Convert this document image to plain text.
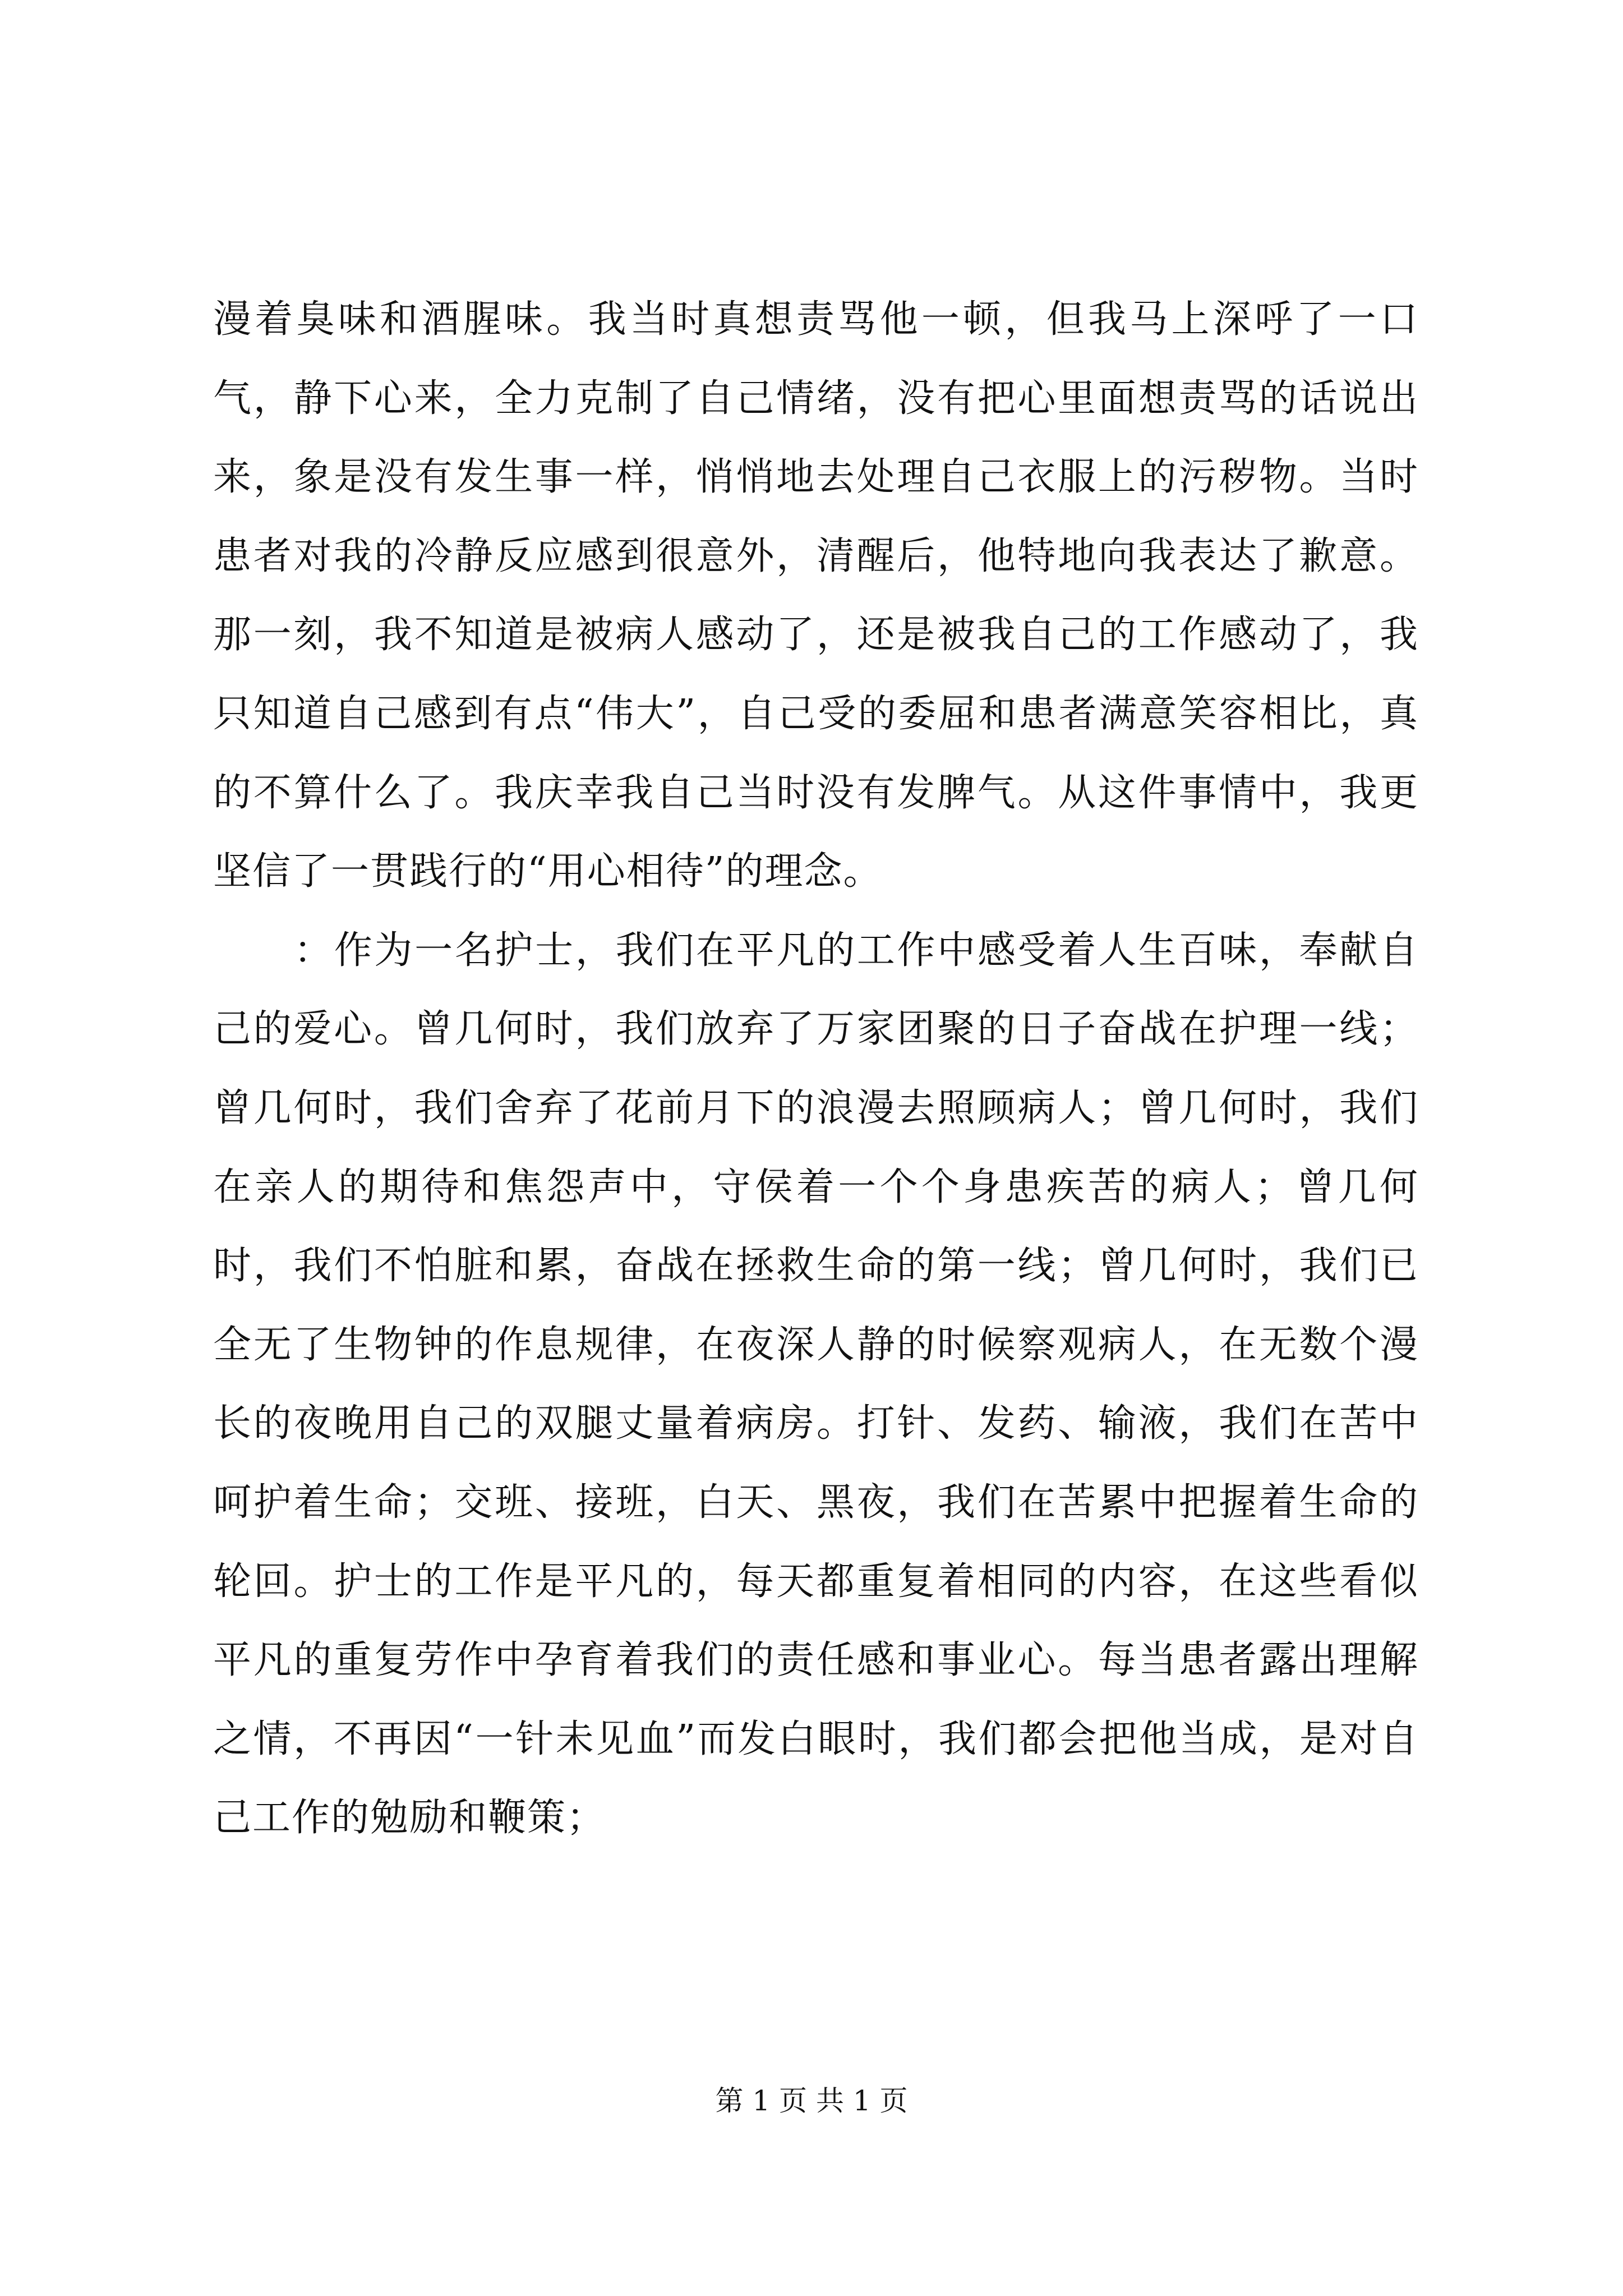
漫着臭味和酒腥味。我当时真想责骂他一顿，但我马上深呼了一口气，静下心来，全力克制了自己情绪，没有把心里面想责骂的话说出来，象是没有发生事一样，悄悄地去处理自己衣服上的污秽物。当时患者对我的冷静反应感到很意外，清醒后，他特地向我表达了歉意。那一刻，我不知道是被病人感动了，还是被我自己的工作感动了，我只知道自己感到有点“伟大”，自己受的委屈和患者满意笑容相比，真的不算什么了。我庆幸我自己当时没有发脾气。从这件事情中，我更坚信了一贯践行的“用心相待”的理念。

：作为一名护士，我们在平凡的工作中感受着人生百味，奉献自己的爱心。曾几何时，我们放弃了万家团聚的日子奋战在护理一线；曾几何时，我们舍弃了花前月下的浪漫去照顾病人；曾几何时，我们在亲人的期待和焦怨声中，守侯着一个个身患疾苦的病人；曾几何时，我们不怕脏和累，奋战在拯救生命的第一线；曾几何时，我们已全无了生物钟的作息规律，在夜深人静的时候察观病人，在无数个漫长的夜晚用自己的双腿丈量着病房。打针、发药、输液，我们在苦中呵护着生命；交班、接班，白天、黑夜，我们在苦累中把握着生命的轮回。护士的工作是平凡的，每天都重复着相同的内容，在这些看似平凡的重复劳作中孕育着我们的责任感和事业心。每当患者露出理解之情，不再因“一针未见血”而发白眼时，我们都会把他当成，是对自己工作的勉励和鞭策；

第 1 页 共 1 页
